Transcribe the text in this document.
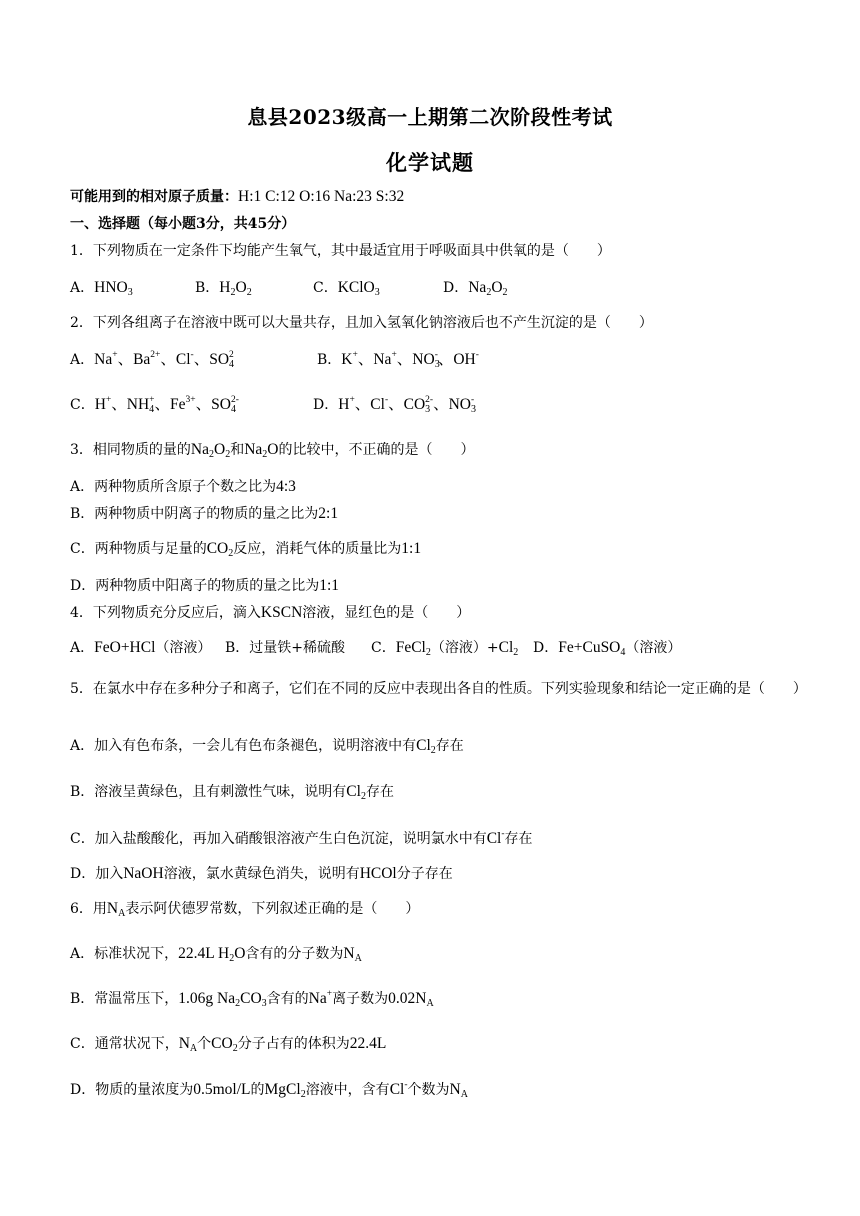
息县2023级高一上期第二次阶段性考试
化学试题
可能用到的相对原子质量：H:1 C:12 O:16 Na:23 S:32
一、选择题（每小题3分，共45分）
1．下列物质在一定条件下均能产生氧气，其中最适宜用于呼吸面具中供氧的是（　　）
A．$HNO_3$	B．$H_2O_2$	C．KClO$_3$	D．$Na_2O_2$
2．下列各组离子在溶液中既可以大量共存，且加入氢氧化钠溶液后也不产生沉淀的是（　　）
A．Na+、$Ba^{2+}$、Cl-、$SO_4^2$	B．K+、Na+、$NO_3^-$、OH-
C．H+、$NH_4^+$、$Fe^{3+}$、$SO_4^{2-}$	D．H+、Cl-、$CO_3^{2-}$、$NO_3^-$
3．相同物质的量的$Na_2O_2$和$Na_2O$的比较中，不正确的是（　　）
A．两种物质所含原子个数之比为4:3
B．两种物质中阴离子的物质的量之比为2:1
C．两种物质与足量的$CO_2$反应，消耗气体的质量比为1:1
D．两种物质中阳离子的物质的量之比为1:1
4．下列物质充分反应后，滴入KSCN溶液，显红色的是（　　）
A．FeO+HCl（溶液） B．过量铁+稀硫酸 C．FeCl$_2$（溶液）$+Cl_2$ D．Fe+CuSO$_4$（溶液）
5．在氯水中存在多种分子和离子，它们在不同的反应中表现出各自的性质。下列实验现象和结论一定正确的是（　　）
A．加入有色布条，一会儿有色布条褪色，说明溶液中有$Cl_2$存在
B．溶液呈黄绿色，且有刺激性气味，说明有$Cl_2$存在
C．加入盐酸酸化，再加入硝酸银溶液产生白色沉淀，说明氯水中有Cl-存在
D．加入NaOH溶液，氯水黄绿色消失，说明有HCOl分子存在
6．用$N_A$表示阿伏德罗常数，下列叙述正确的是（　　）
A．标准状况下，22.4L $H_2O$含有的分子数为$N_A$
B．常温常压下，1.06g $Na_2CO_3$含有的Na+离子数为$0.02N_A$
C．通常状况下，$N_A$个$CO_2$分子占有的体积为22.4L
D．物质的量浓度为0.5mol/L的MgCl$_2$溶液中，含有Cl-个数为$N_A$
